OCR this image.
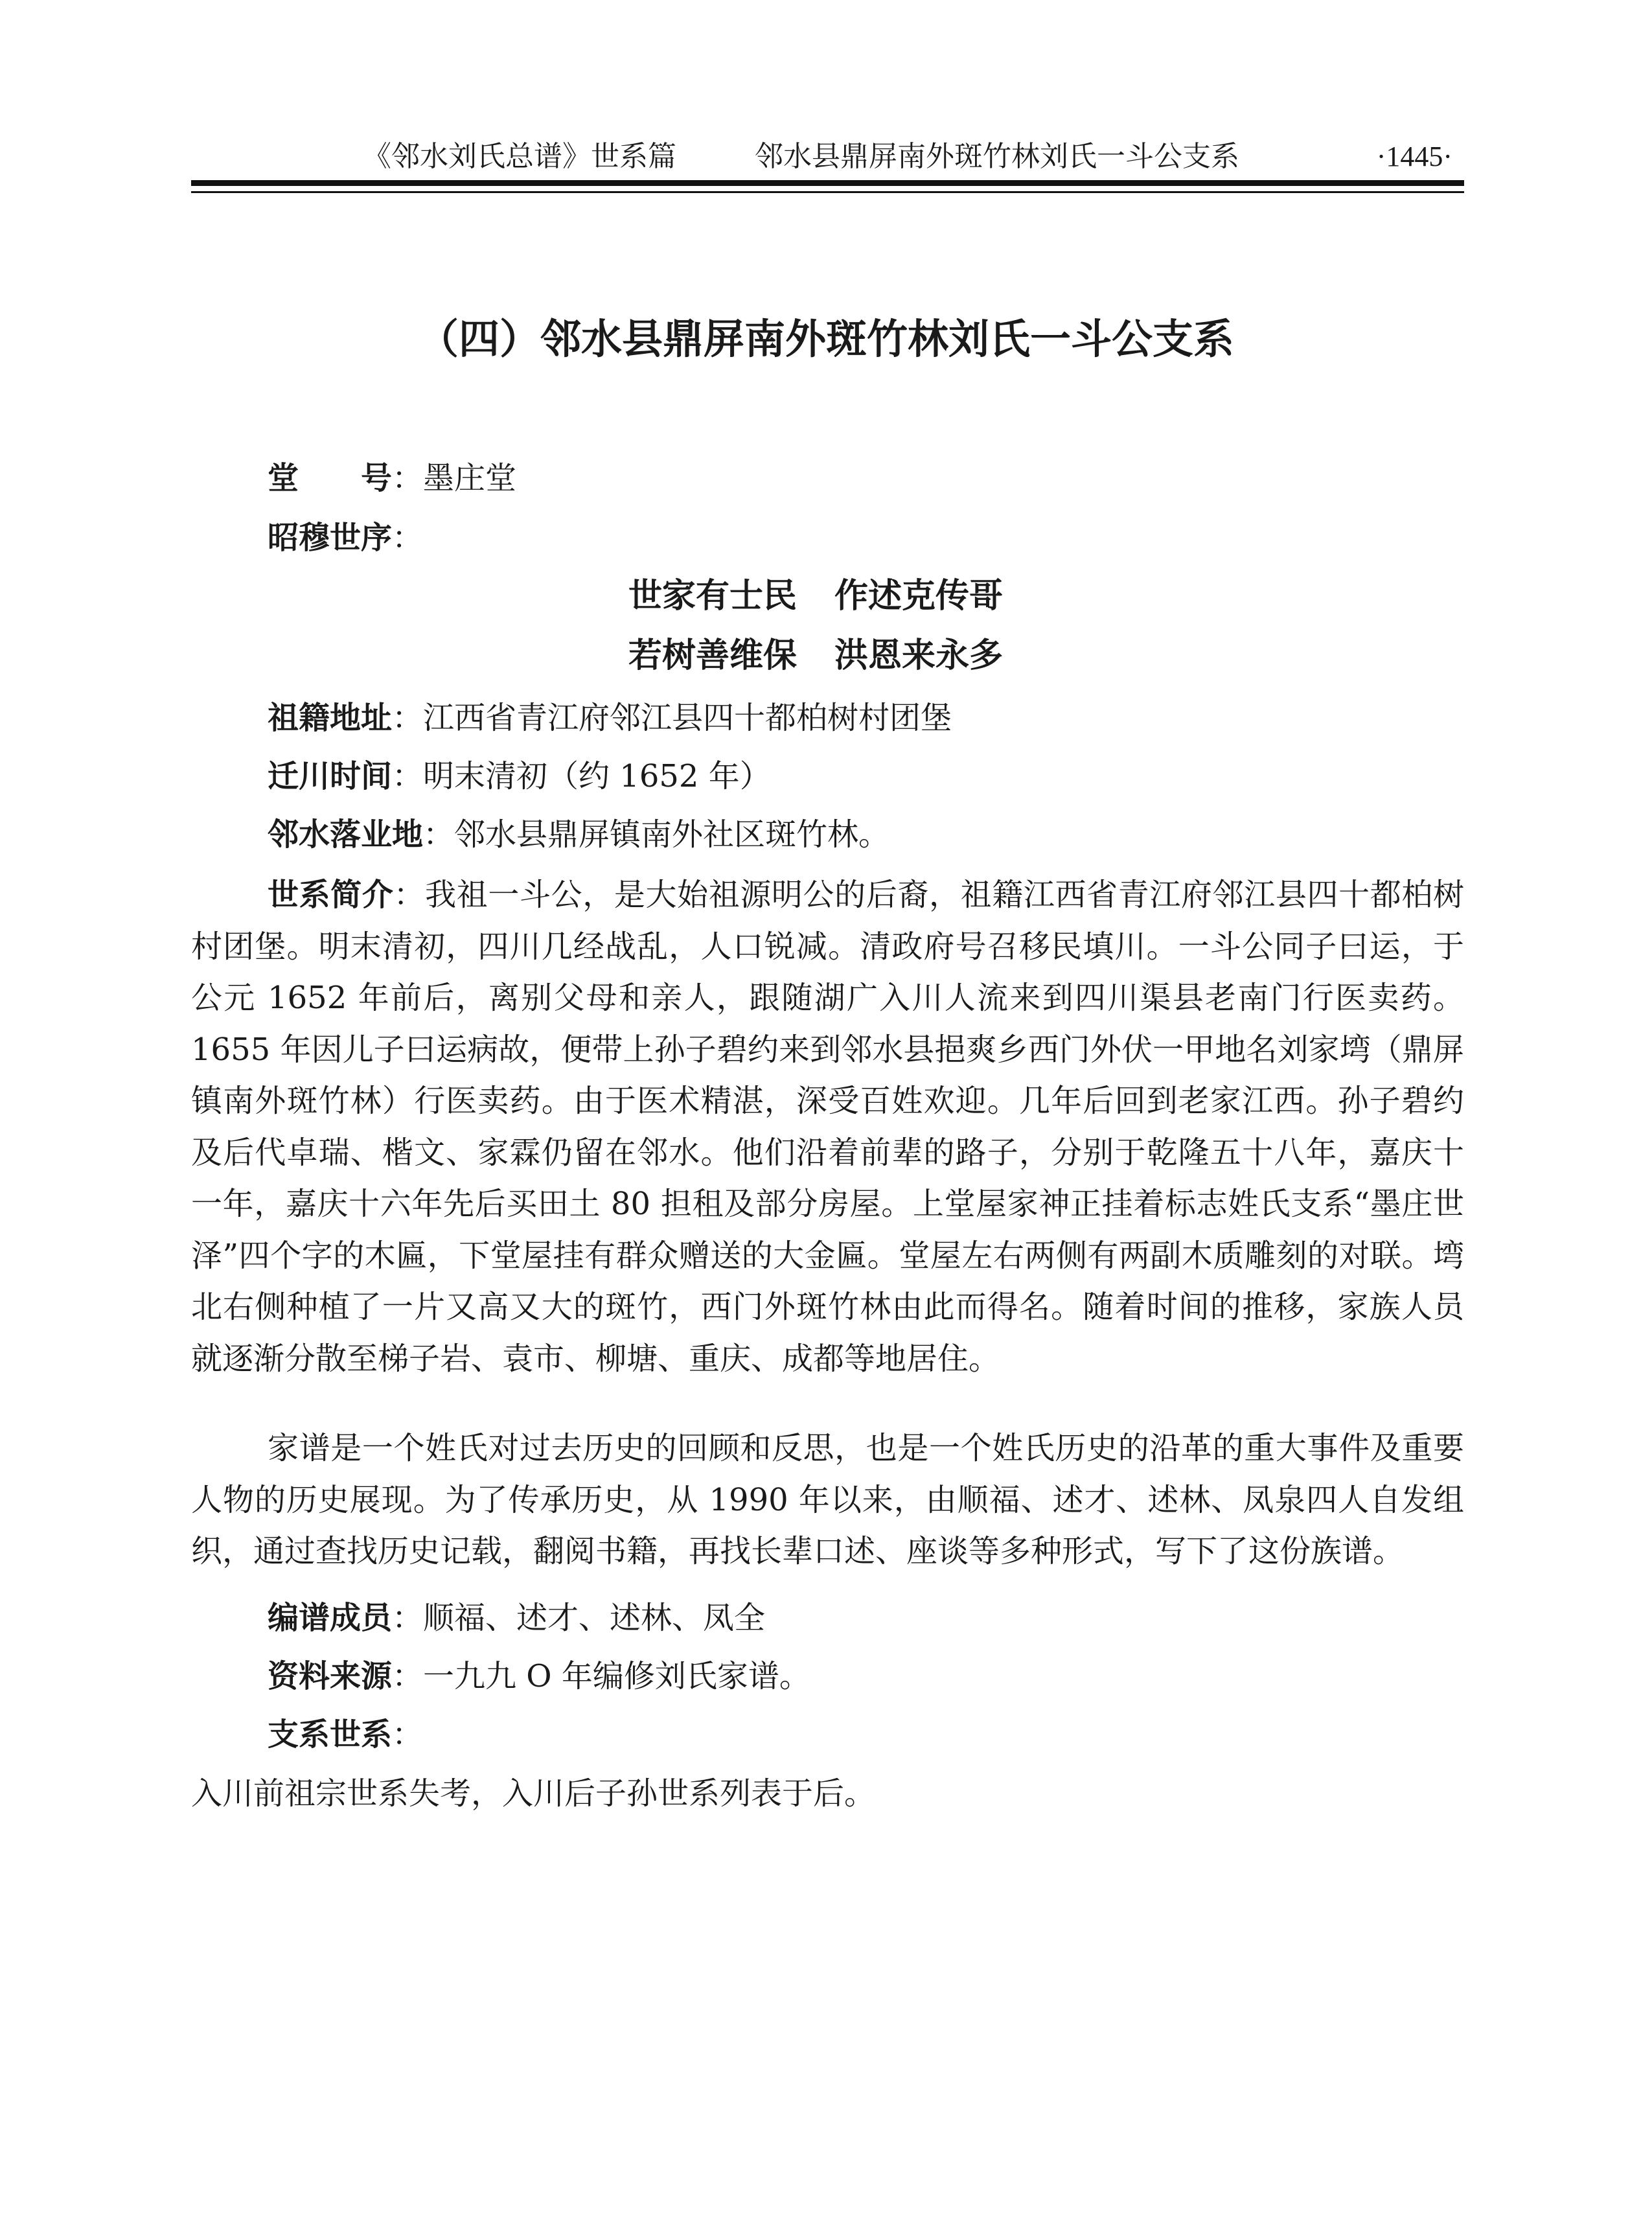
《邻水刘氏总谱》世系篇	邻水县鼎屏南外斑竹林刘氏一斗公支系	·1445·
（四）邻水县鼎屏南外斑竹林刘氏一斗公支系
堂　　号：墨庄堂
昭穆世序：
世家有士民 作述克传哥
若树善维保 洪恩来永多
祖籍地址：江西省青江府邻江县四十都柏树村团堡
迁川时间：明末清初（约 1652 年）
邻水落业地：邻水县鼎屏镇南外社区斑竹林。

世系简介：我祖一斗公，是大始祖源明公的后裔，祖籍江西省青江府邻江县四十都柏树村团堡。明末清初，四川几经战乱，人口锐减。清政府号召移民填川。一斗公同子曰运，于公元 1652 年前后，离别父母和亲人，跟随湖广入川人流来到四川渠县老南门行医卖药。1655 年因儿子曰运病故，便带上孙子碧约来到邻水县挹爽乡西门外伏一甲地名刘家塆（鼎屏镇南外斑竹林）行医卖药。由于医术精湛，深受百姓欢迎。几年后回到老家江西。孙子碧约及后代卓瑞、楷文、家霖仍留在邻水。他们沿着前辈的路子，分别于乾隆五十八年，嘉庆十一年，嘉庆十六年先后买田土 80 担租及部分房屋。上堂屋家神正挂着标志姓氏支系“墨庄世泽”四个字的木匾，下堂屋挂有群众赠送的大金匾。堂屋左右两侧有两副木质雕刻的对联。塆北右侧种植了一片又高又大的斑竹，西门外斑竹林由此而得名。随着时间的推移，家族人员就逐渐分散至梯子岩、袁市、柳塘、重庆、成都等地居住。

家谱是一个姓氏对过去历史的回顾和反思，也是一个姓氏历史的沿革的重大事件及重要人物的历史展现。为了传承历史，从 1990 年以来，由顺福、述才、述林、凤泉四人自发组织，通过查找历史记载，翻阅书籍，再找长辈口述、座谈等多种形式，写下了这份族谱。

编谱成员：顺福、述才、述林、凤全
资料来源：一九九 O 年编修刘氏家谱。
支系世系：
入川前祖宗世系失考，入川后子孙世系列表于后。
